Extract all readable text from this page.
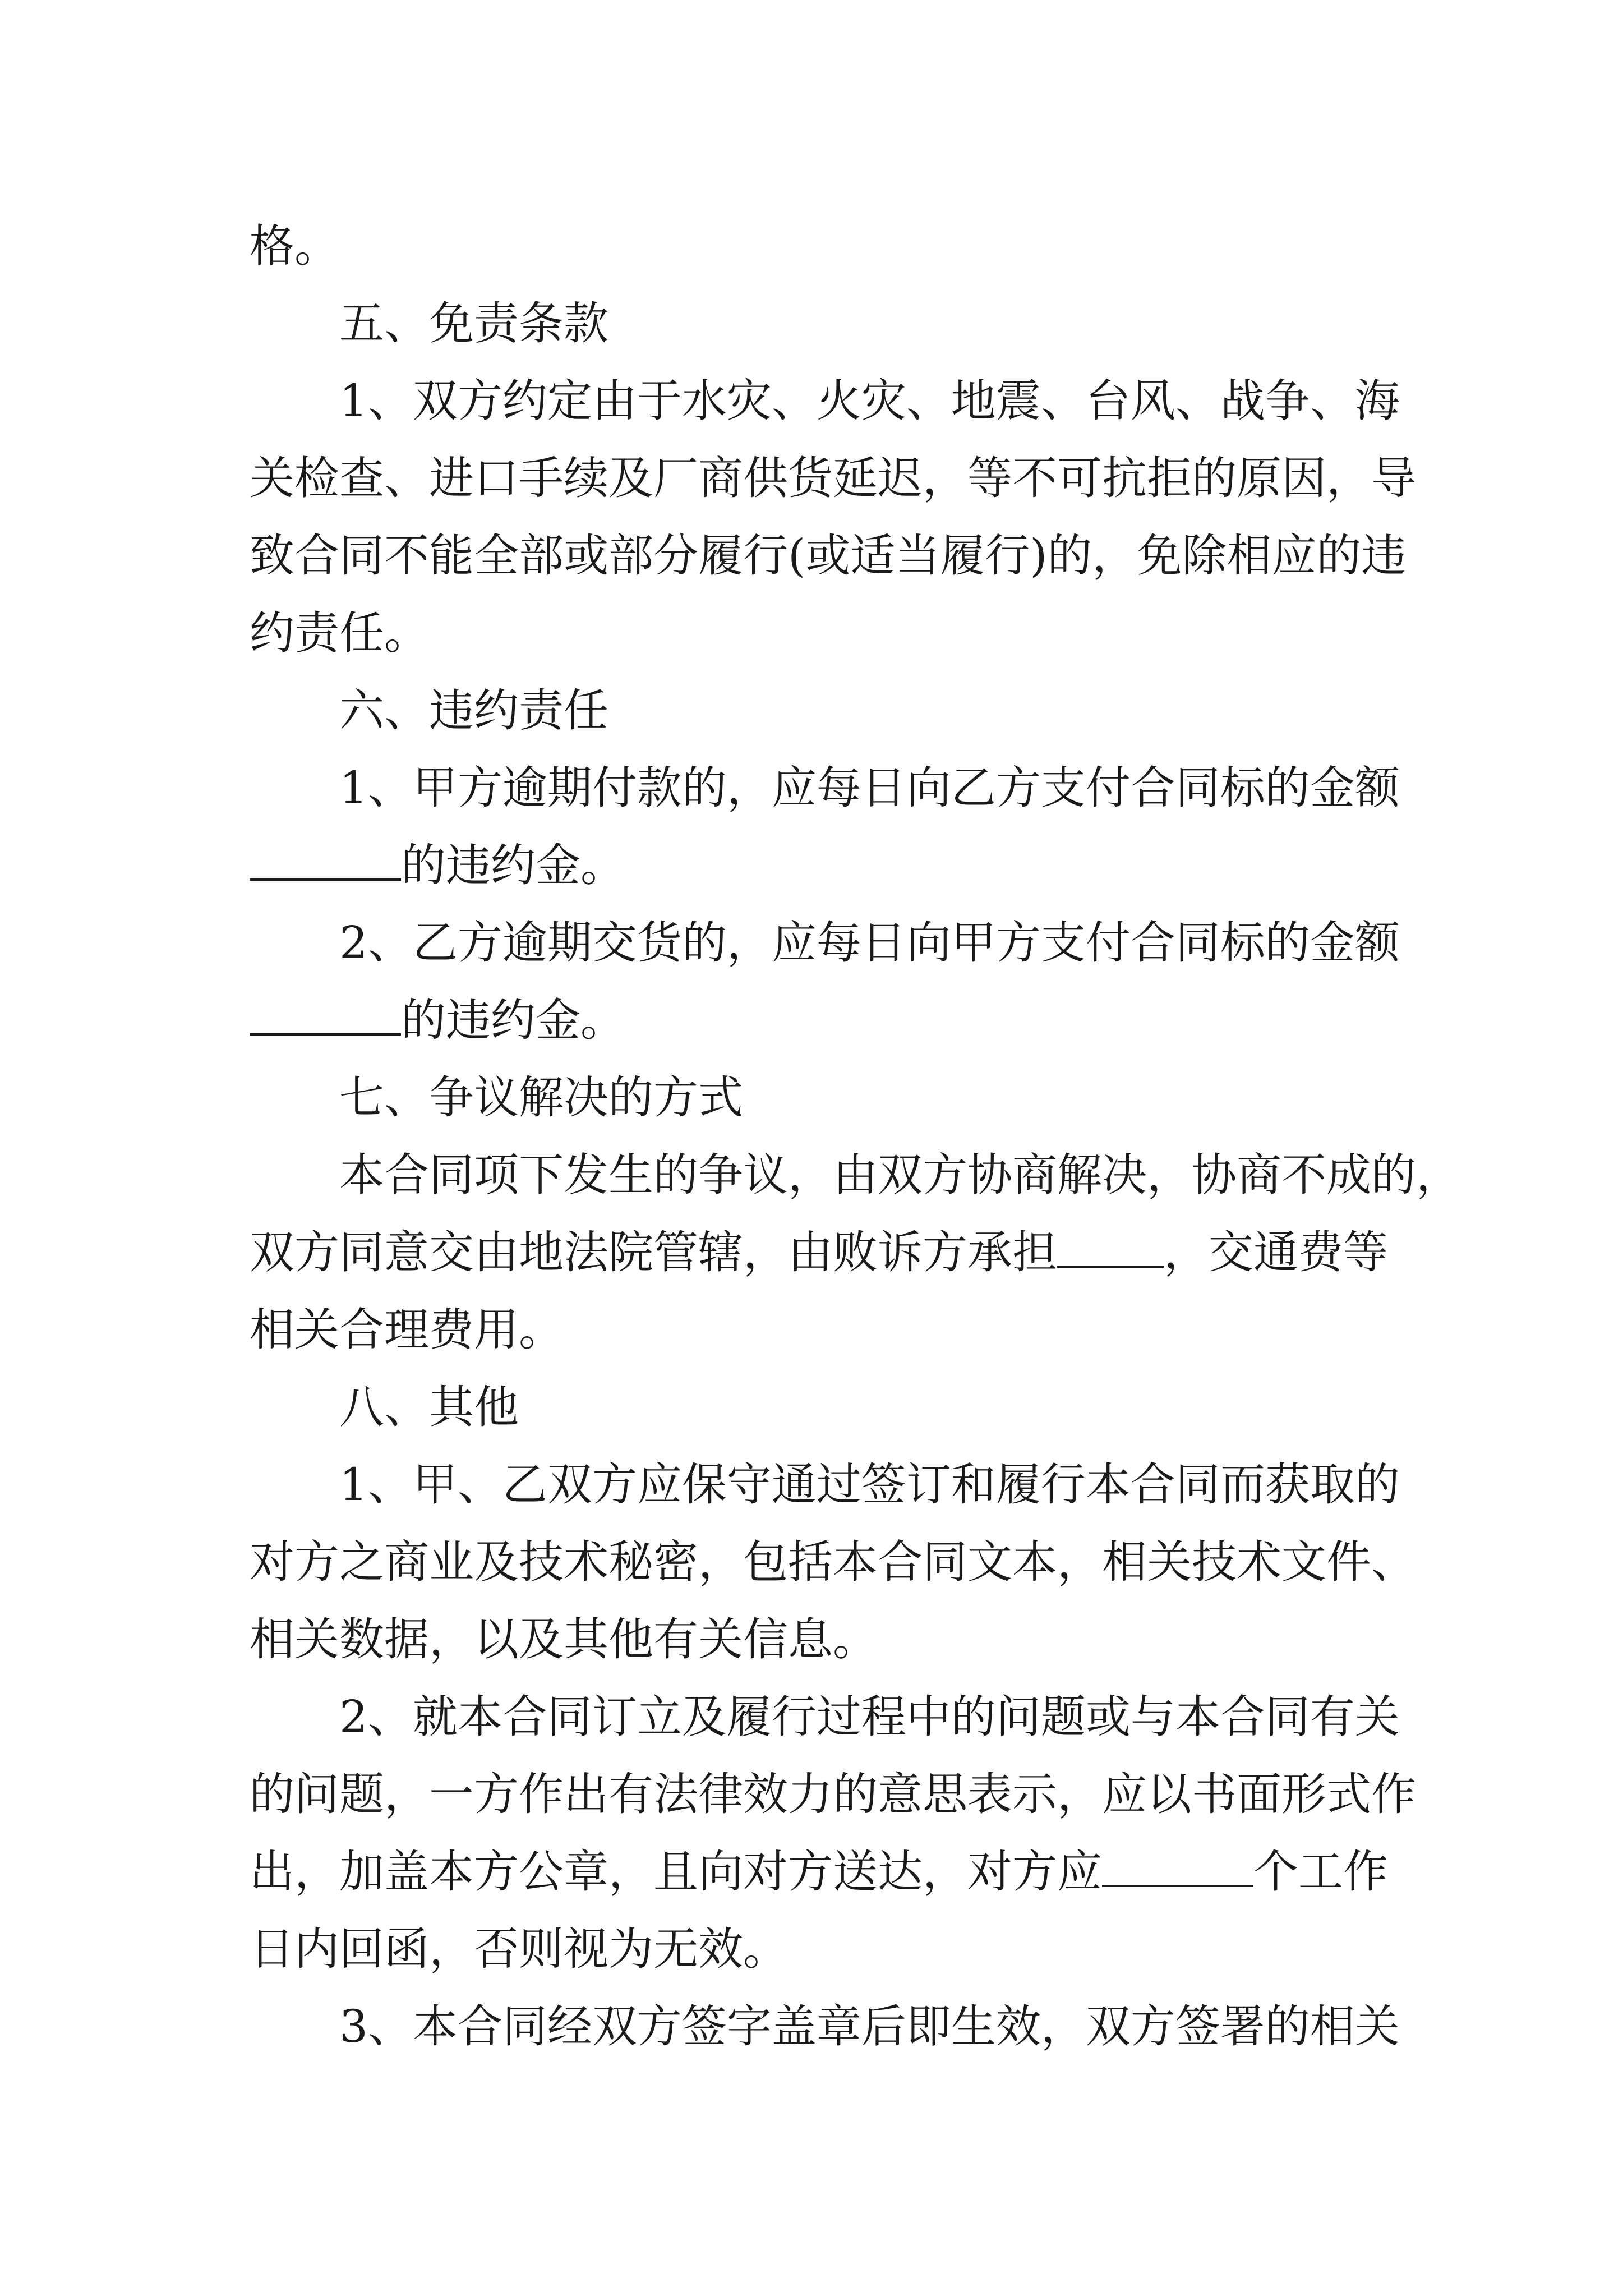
格。
五、免责条款
1、双方约定由于水灾、火灾、地震、台风、战争、海
关检查、进口手续及厂商供货延迟，等不可抗拒的原因，导
致合同不能全部或部分履行(或适当履行)的，免除相应的违
约责任。
六、违约责任
1、甲方逾期付款的，应每日向乙方支付合同标的金额
的违约金。
2、乙方逾期交货的，应每日向甲方支付合同标的金额
的违约金。
七、争议解决的方式
本合同项下发生的争议，由双方协商解决，协商不成的，
双方同意交由地法院管辖，由败诉方承担 ，交通费等
相关合理费用。
八、其他
1、甲、乙双方应保守通过签订和履行本合同而获取的
对方之商业及技术秘密，包括本合同文本，相关技术文件、
相关数据，以及其他有关信息。
2、就本合同订立及履行过程中的问题或与本合同有关
的问题，一方作出有法律效力的意思表示，应以书面形式作
出，加盖本方公章，且向对方送达，对方应	个工作
日内回函，否则视为无效。
3、本合同经双方签字盖章后即生效，双方签署的相关
